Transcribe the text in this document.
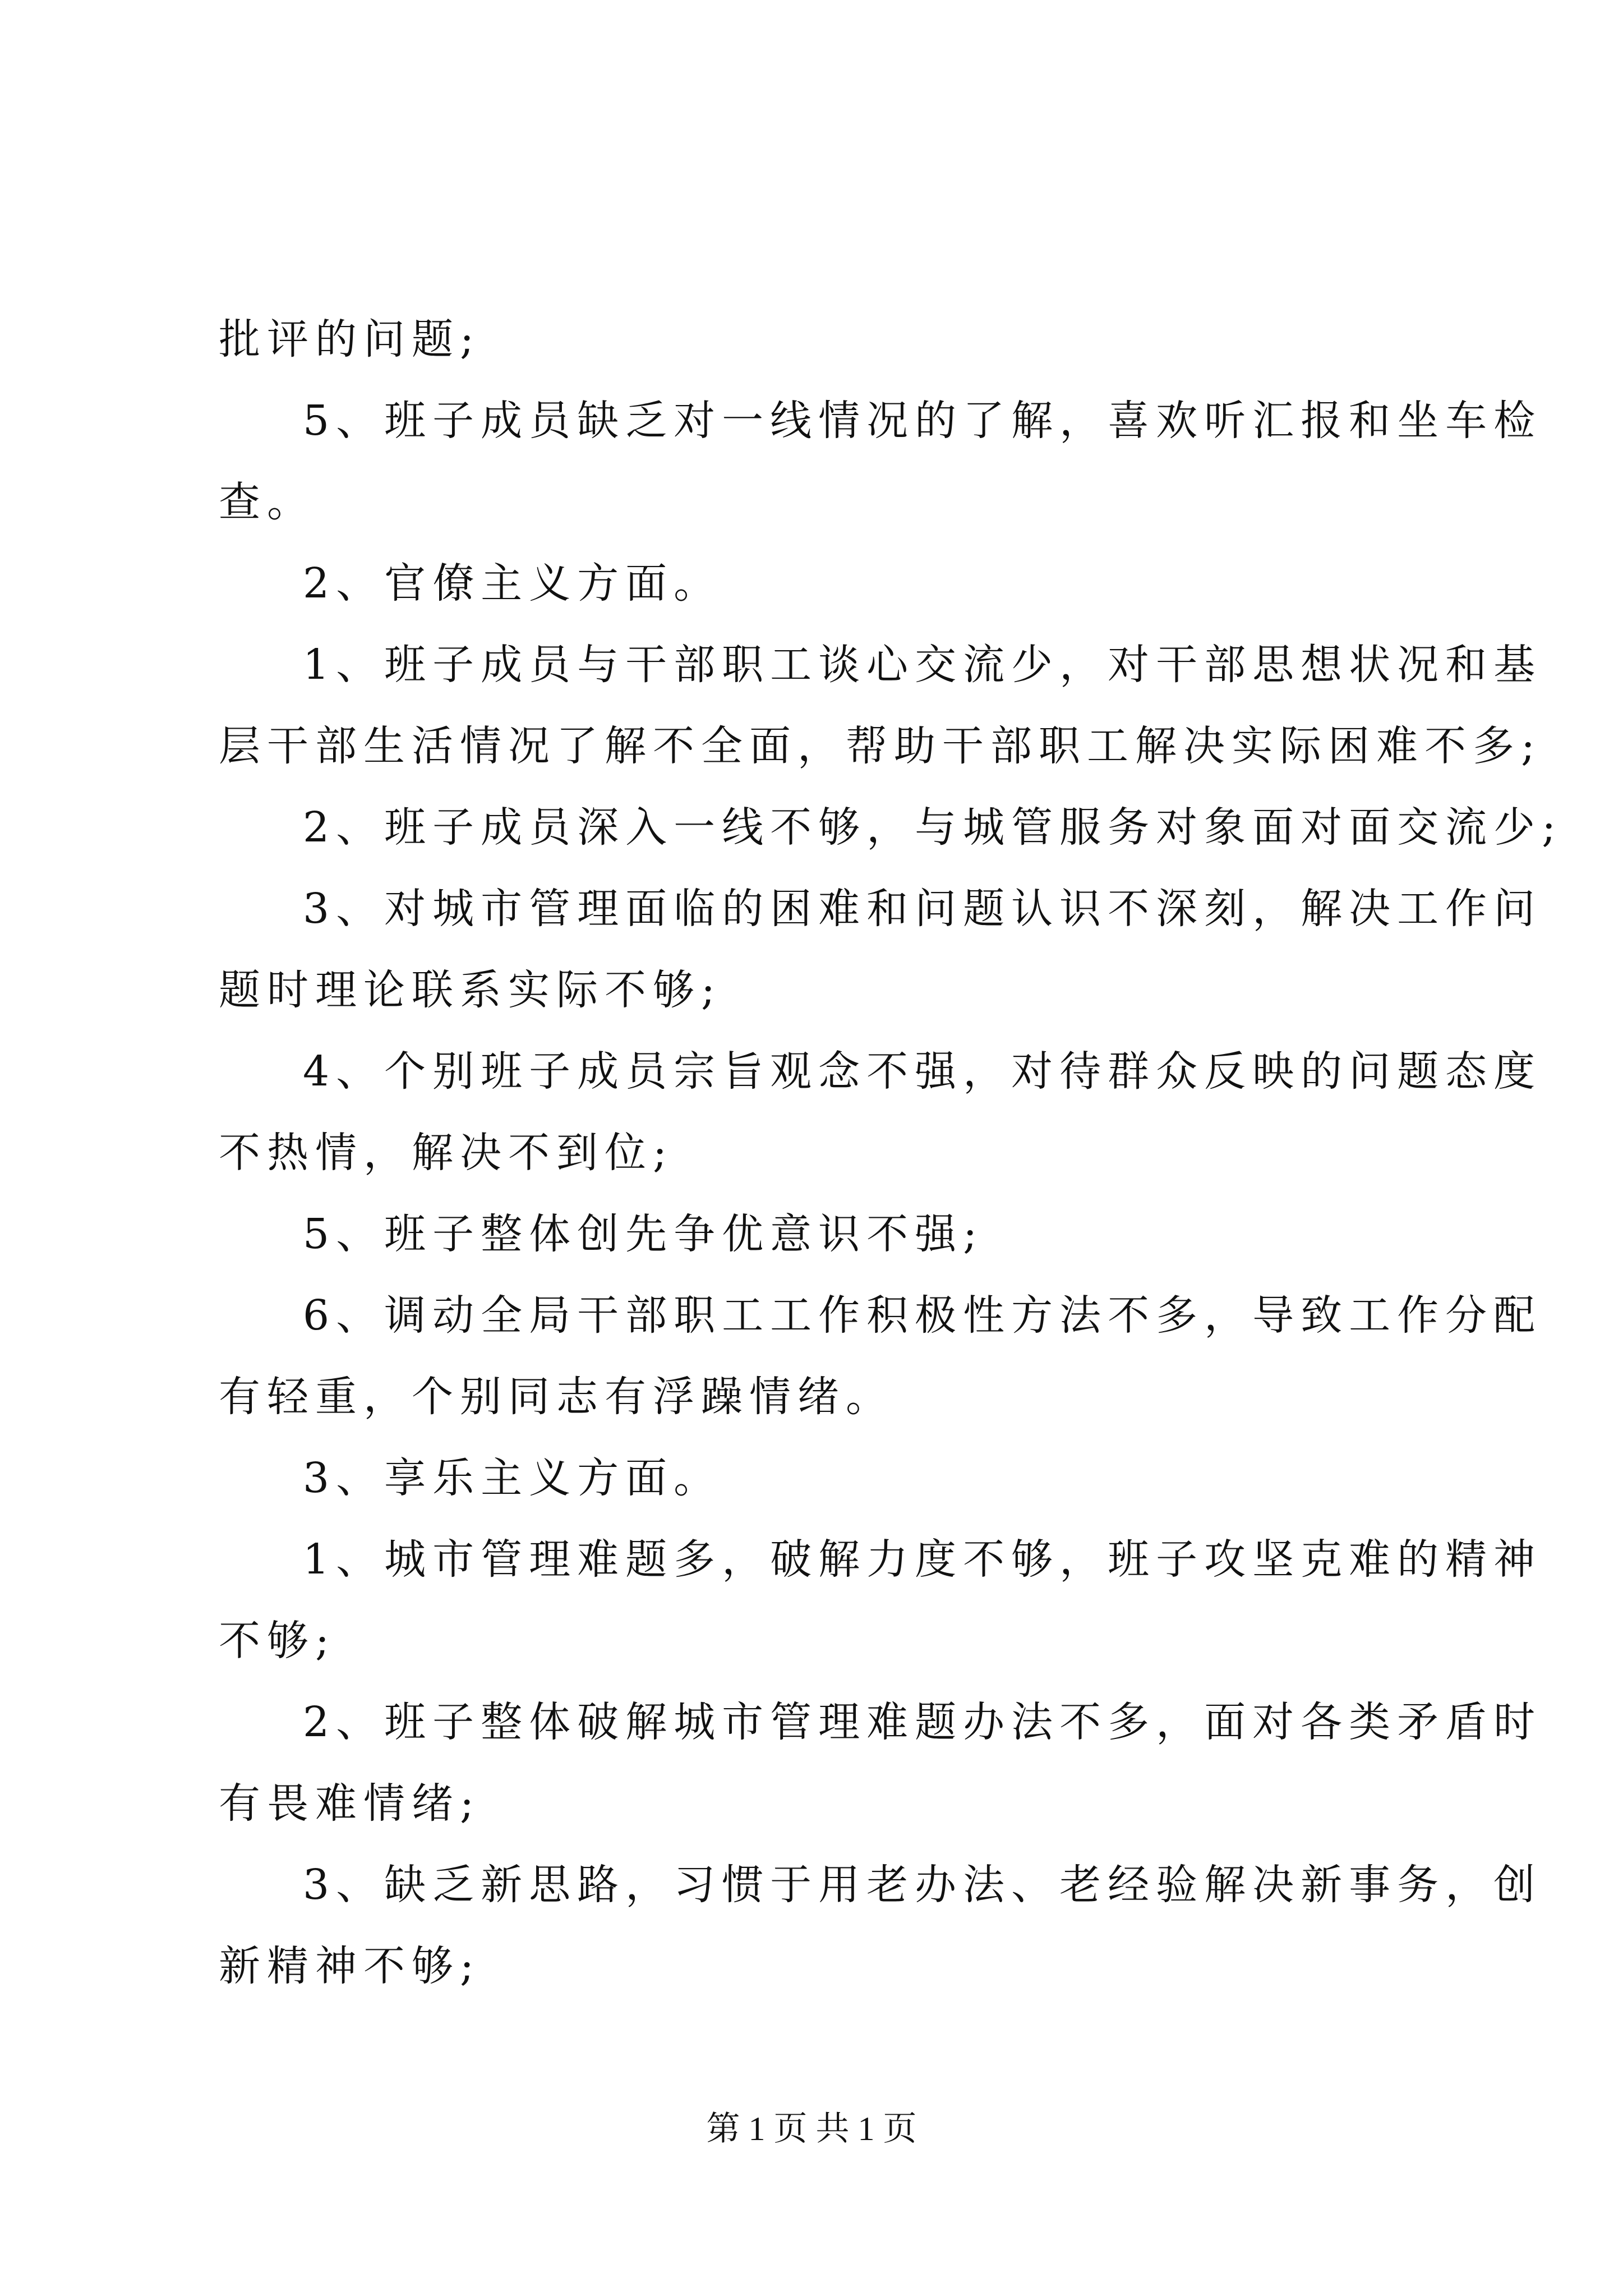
批评的问题;

5、班子成员缺乏对一线情况的了解，喜欢听汇报和坐车检

查。

2、官僚主义方面。

1、班子成员与干部职工谈心交流少，对干部思想状况和基

层干部生活情况了解不全面，帮助干部职工解决实际困难不多;

2、班子成员深入一线不够，与城管服务对象面对面交流少;

3、对城市管理面临的困难和问题认识不深刻，解决工作问

题时理论联系实际不够;

4、个别班子成员宗旨观念不强，对待群众反映的问题态度

不热情，解决不到位;

5、班子整体创先争优意识不强;

6、调动全局干部职工工作积极性方法不多，导致工作分配

有轻重，个别同志有浮躁情绪。

3、享乐主义方面。

1、城市管理难题多，破解力度不够，班子攻坚克难的精神

不够;

2、班子整体破解城市管理难题办法不多，面对各类矛盾时

有畏难情绪;

3、缺乏新思路，习惯于用老办法、老经验解决新事务，创

新精神不够;

第 1 页 共 1 页
